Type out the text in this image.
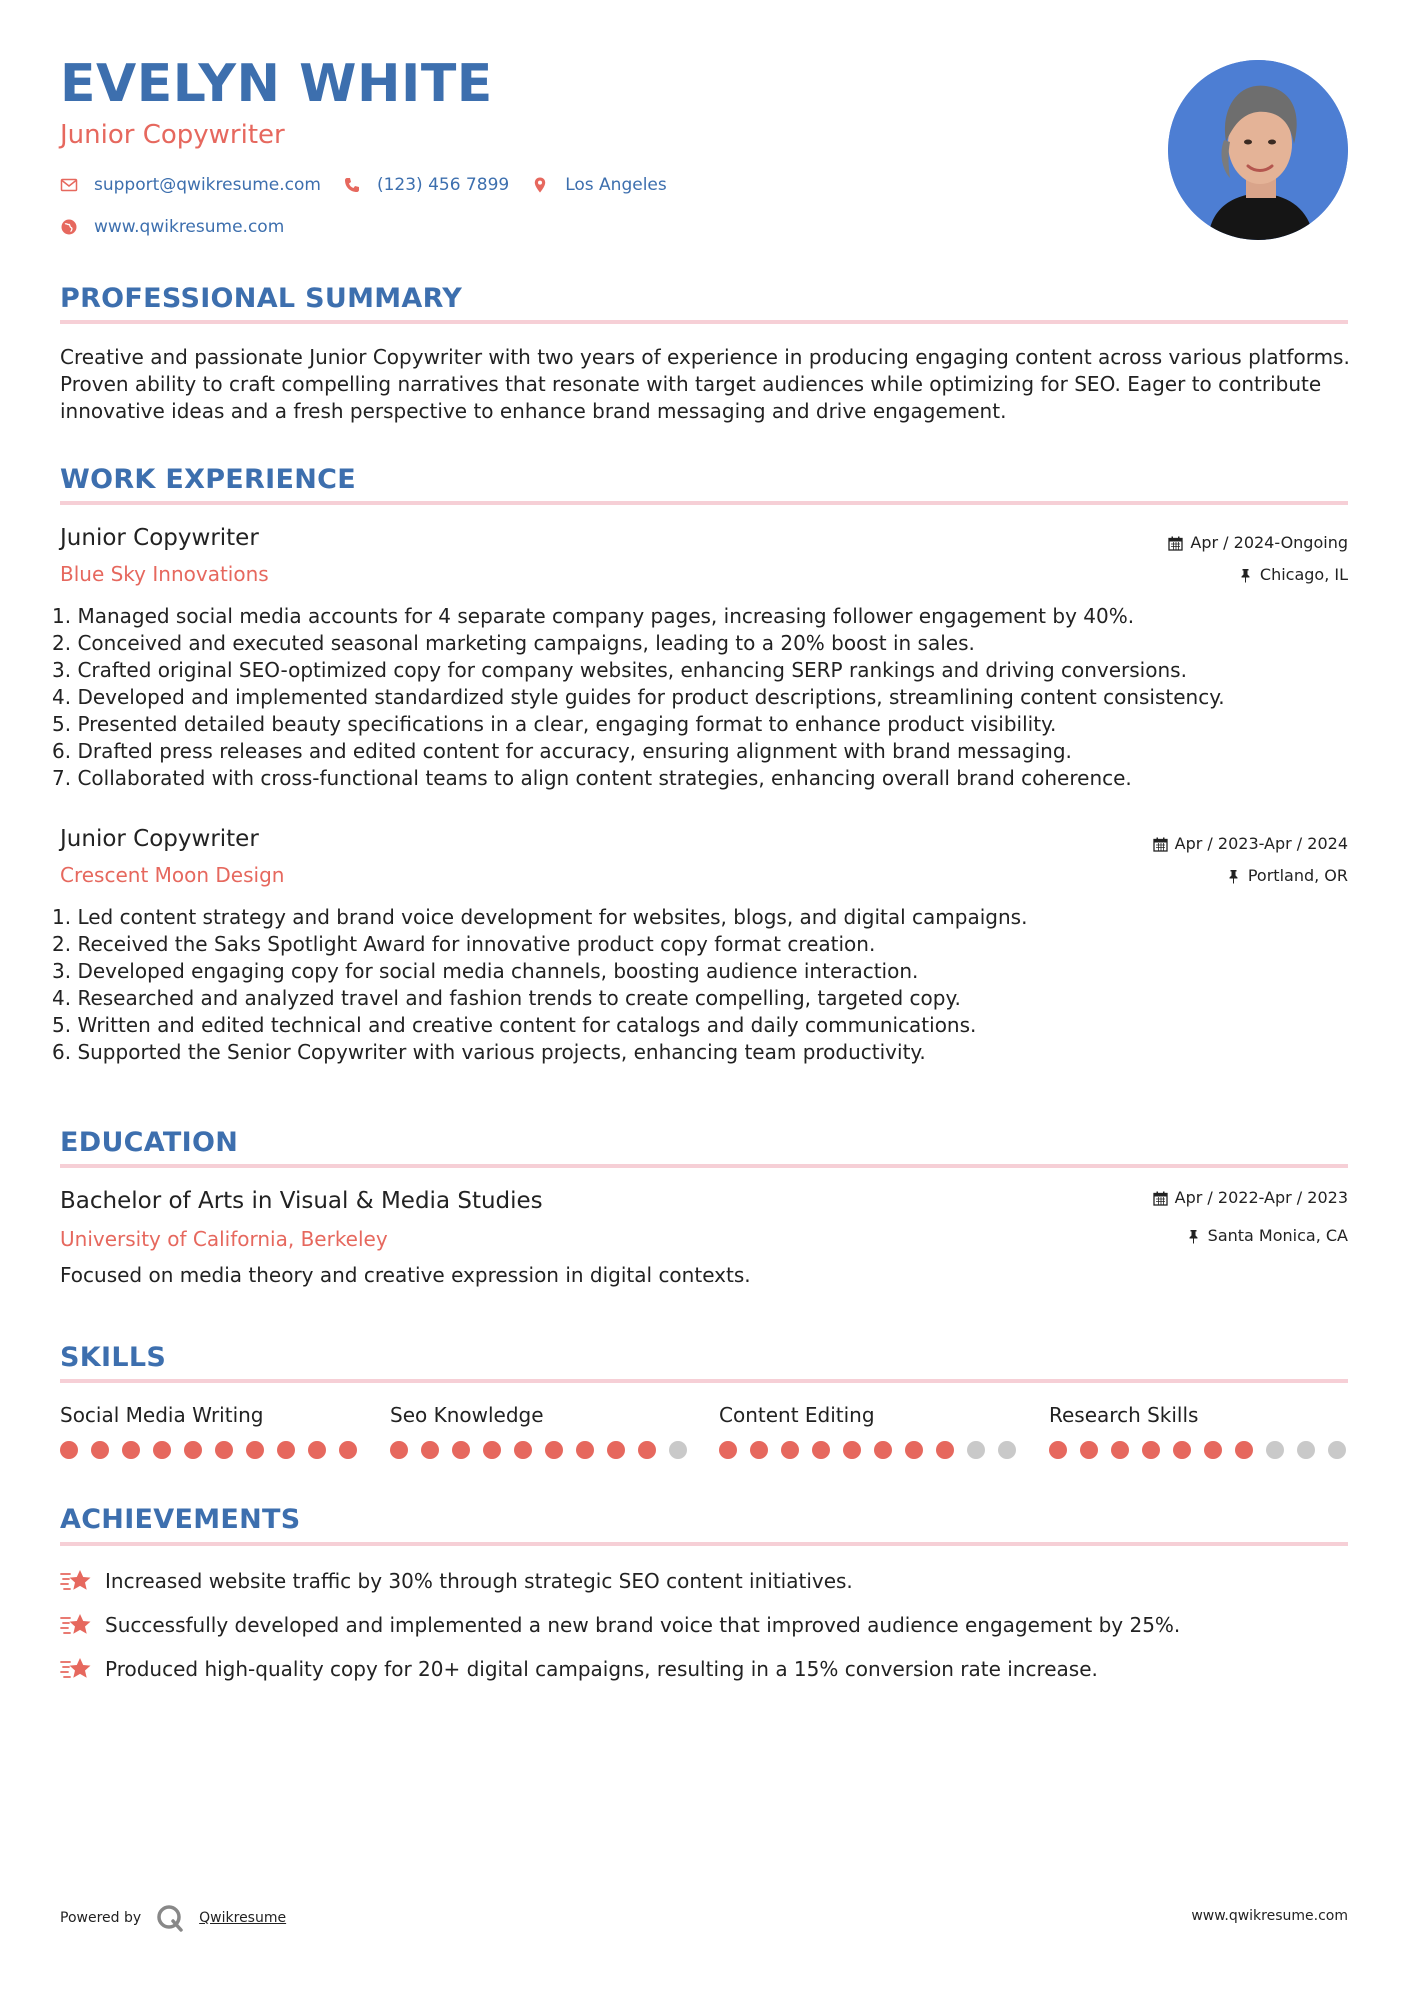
EVELYN WHITE
Junior Copywriter
support@qwikresume.com	(123) 456 7899	Los Angeles
www.qwikresume.com
PROFESSIONAL SUMMARY
Creative and passionate Junior Copywriter with two years of experience in producing engaging content across various platforms. Proven ability to craft compelling narratives that resonate with target audiences while optimizing for SEO. Eager to contribute innovative ideas and a fresh perspective to enhance brand messaging and drive engagement.
WORK EXPERIENCE
Junior Copywriter
Blue Sky Innovations
Apr / 2024-Ongoing
Chicago, IL
1. Managed social media accounts for 4 separate company pages, increasing follower engagement by 40%.
2. Conceived and executed seasonal marketing campaigns, leading to a 20% boost in sales.
3. Crafted original SEO-optimized copy for company websites, enhancing SERP rankings and driving conversions.
4. Developed and implemented standardized style guides for product descriptions, streamlining content consistency.
5. Presented detailed beauty specifications in a clear, engaging format to enhance product visibility.
6. Drafted press releases and edited content for accuracy, ensuring alignment with brand messaging.
7. Collaborated with cross-functional teams to align content strategies, enhancing overall brand coherence.
Junior Copywriter
Crescent Moon Design
Apr / 2023-Apr / 2024
Portland, OR
1. Led content strategy and brand voice development for websites, blogs, and digital campaigns.
2. Received the Saks Spotlight Award for innovative product copy format creation.
3. Developed engaging copy for social media channels, boosting audience interaction.
4. Researched and analyzed travel and fashion trends to create compelling, targeted copy.
5. Written and edited technical and creative content for catalogs and daily communications.
6. Supported the Senior Copywriter with various projects, enhancing team productivity.
EDUCATION
Bachelor of Arts in Visual & Media Studies
University of California, Berkeley
Apr / 2022-Apr / 2023
Santa Monica, CA
Focused on media theory and creative expression in digital contexts.
SKILLS
Social Media Writing	Seo Knowledge	Content Editing	Research Skills
ACHIEVEMENTS
Increased website traffic by 30% through strategic SEO content initiatives.
Successfully developed and implemented a new brand voice that improved audience engagement by 25%.
Produced high-quality copy for 20+ digital campaigns, resulting in a 15% conversion rate increase.
Powered by	Qwikresume	www.qwikresume.com
